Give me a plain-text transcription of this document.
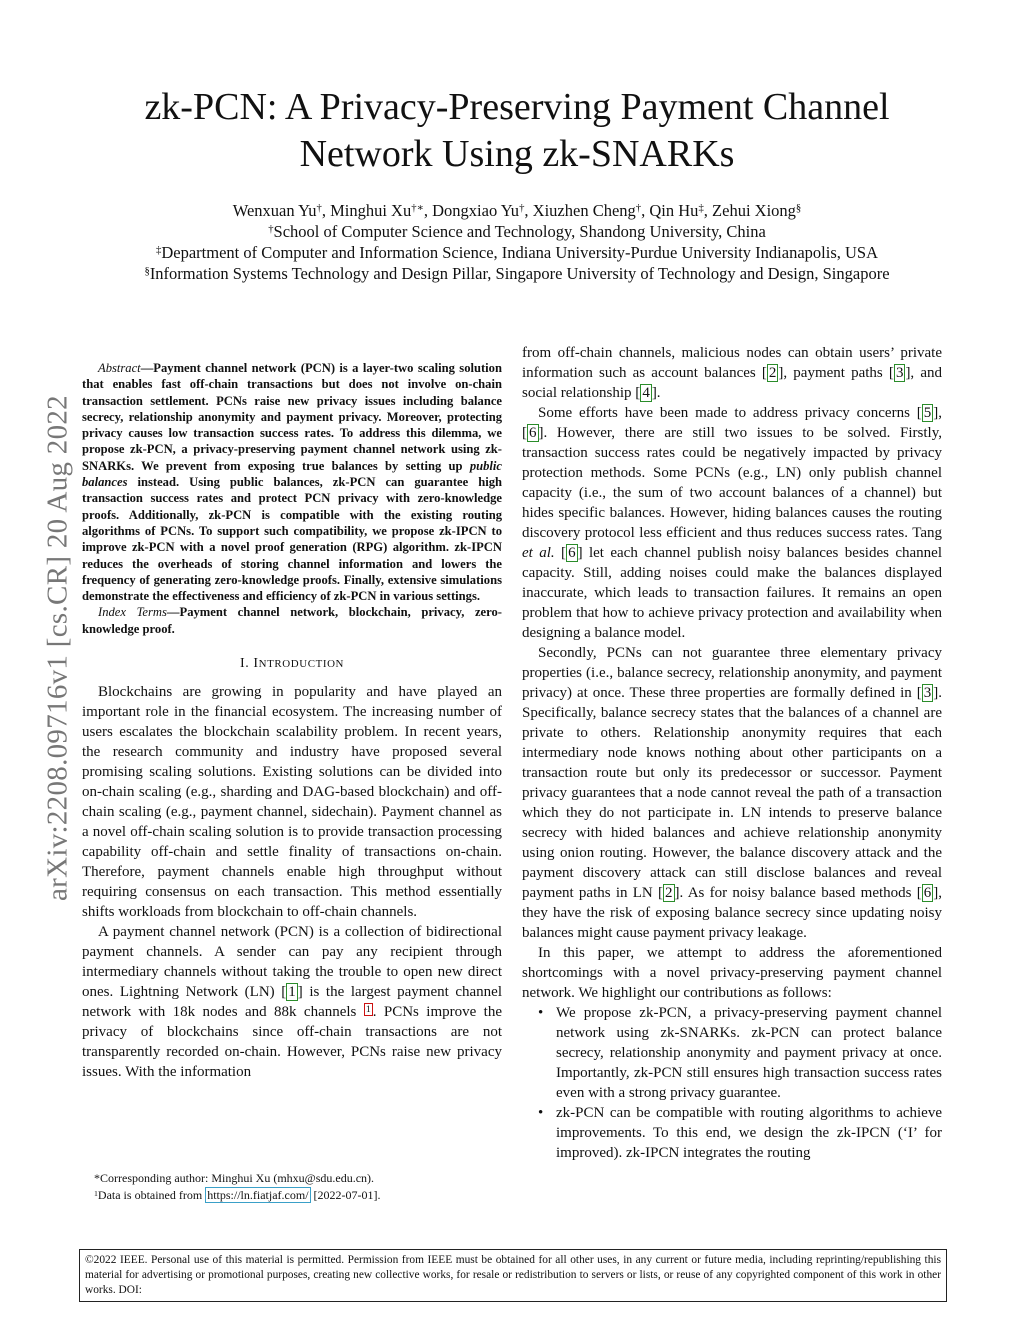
arXiv:2208.09716v1 [cs.CR] 20 Aug 2022
zk-PCN: A Privacy-Preserving Payment Channel
Network Using zk-SNARKs
Wenxuan Yu†, Minghui Xu†∗, Dongxiao Yu†, Xiuzhen Cheng†, Qin Hu‡, Zehui Xiong§
†School of Computer Science and Technology, Shandong University, China
‡Department of Computer and Information Science, Indiana University-Purdue University Indianapolis, USA
§Information Systems Technology and Design Pillar, Singapore University of Technology and Design, Singapore

Abstract—Payment channel network (PCN) is a layer-two scaling solution that enables fast off-chain transactions but does not involve on-chain transaction settlement. PCNs raise new privacy issues including balance secrecy, relationship anonymity and payment privacy. Moreover, protecting privacy causes low transaction success rates. To address this dilemma, we propose zk-PCN, a privacy-preserving payment channel network using zk-SNARKs. We prevent from exposing true balances by setting up public balances instead. Using public balances, zk-PCN can guarantee high transaction success rates and protect PCN privacy with zero-knowledge proofs. Additionally, zk-PCN is compatible with the existing routing algorithms of PCNs. To support such compatibility, we propose zk-IPCN to improve zk-PCN with a novel proof generation (RPG) algorithm. zk-IPCN reduces the overheads of storing channel information and lowers the frequency of generating zero-knowledge proofs. Finally, extensive simulations demonstrate the effectiveness and efficiency of zk-PCN in various settings.

Index Terms—Payment channel network, blockchain, privacy, zero-knowledge proof.

I. INTRODUCTION

Blockchains are growing in popularity and have played an important role in the financial ecosystem. The increasing number of users escalates the blockchain scalability problem. In recent years, the research community and industry have proposed several promising scaling solutions. Existing solutions can be divided into on-chain scaling (e.g., sharding and DAG-based blockchain) and off-chain scaling (e.g., payment channel, sidechain). Payment channel as a novel off-chain scaling solution is to provide transaction processing capability off-chain and settle finality of transactions on-chain. Therefore, payment channels enable high throughput without requiring consensus on each transaction. This method essentially shifts workloads from blockchain to off-chain channels.

A payment channel network (PCN) is a collection of bidirectional payment channels. A sender can pay any recipient through intermediary channels without taking the trouble to open new direct ones. Lightning Network (LN) [ 1 ] is the largest payment channel network with 18k nodes and 88k channels $^1$ . PCNs improve the privacy of blockchains since off-chain transactions are not transparently recorded on-chain. However, PCNs raise new privacy issues. With the information

*Corresponding author: Minghui Xu (mhxu@sdu.edu.cn).
$^1$Data is obtained from https://ln.fiatjaf.com/ [2022-07-01].

from off-chain channels, malicious nodes can obtain users’ private information such as account balances [ 2 ], payment paths [ 3 ], and social relationship [ 4 ].

Some efforts have been made to address privacy concerns [ 5 ], [ 6 ]. However, there are still two issues to be solved. Firstly, transaction success rates could be negatively impacted by privacy protection methods. Some PCNs (e.g., LN) only publish channel capacity (i.e., the sum of two account balances of a channel) but hides specific balances. However, hiding balances causes the routing discovery protocol less efficient and thus reduces success rates. Tang et al. [ 6 ] let each channel publish noisy balances besides channel capacity. Still, adding noises could make the balances displayed inaccurate, which leads to transaction failures. It remains an open problem that how to achieve privacy protection and availability when designing a balance model.

Secondly, PCNs can not guarantee three elementary privacy properties (i.e., balance secrecy, relationship anonymity, and payment privacy) at once. These three properties are formally defined in [ 3 ]. Specifically, balance secrecy states that the balances of a channel are private to others. Relationship anonymity requires that each intermediary node knows nothing about other participants on a transaction route but only its predecessor or successor. Payment privacy guarantees that a node cannot reveal the path of a transaction which they do not participate in. LN intends to preserve balance secrecy with hided balances and achieve relationship anonymity using onion routing. However, the balance discovery attack and the payment discovery attack can still disclose balances and reveal payment paths in LN [ 2 ]. As for noisy balance based methods [ 6 ], they have the risk of exposing balance secrecy since updating noisy balances might cause payment privacy leakage.

In this paper, we attempt to address the aforementioned shortcomings with a novel privacy-preserving payment channel network. We highlight our contributions as follows:

• We propose zk-PCN, a privacy-preserving payment channel network using zk-SNARKs. zk-PCN can protect balance secrecy, relationship anonymity and payment privacy at once. Importantly, zk-PCN still ensures high transaction success rates even with a strong privacy guarantee.
• zk-PCN can be compatible with routing algorithms to achieve improvements. To this end, we design the zk-IPCN (‘I’ for improved). zk-IPCN integrates the routing
©2022 IEEE. Personal use of this material is permitted. Permission from IEEE must be obtained for all other uses, in any current or future media, including reprinting/republishing this material for advertising or promotional purposes, creating new collective works, for resale or redistribution to servers or lists, or reuse of any copyrighted component of this work in other works. DOI:
